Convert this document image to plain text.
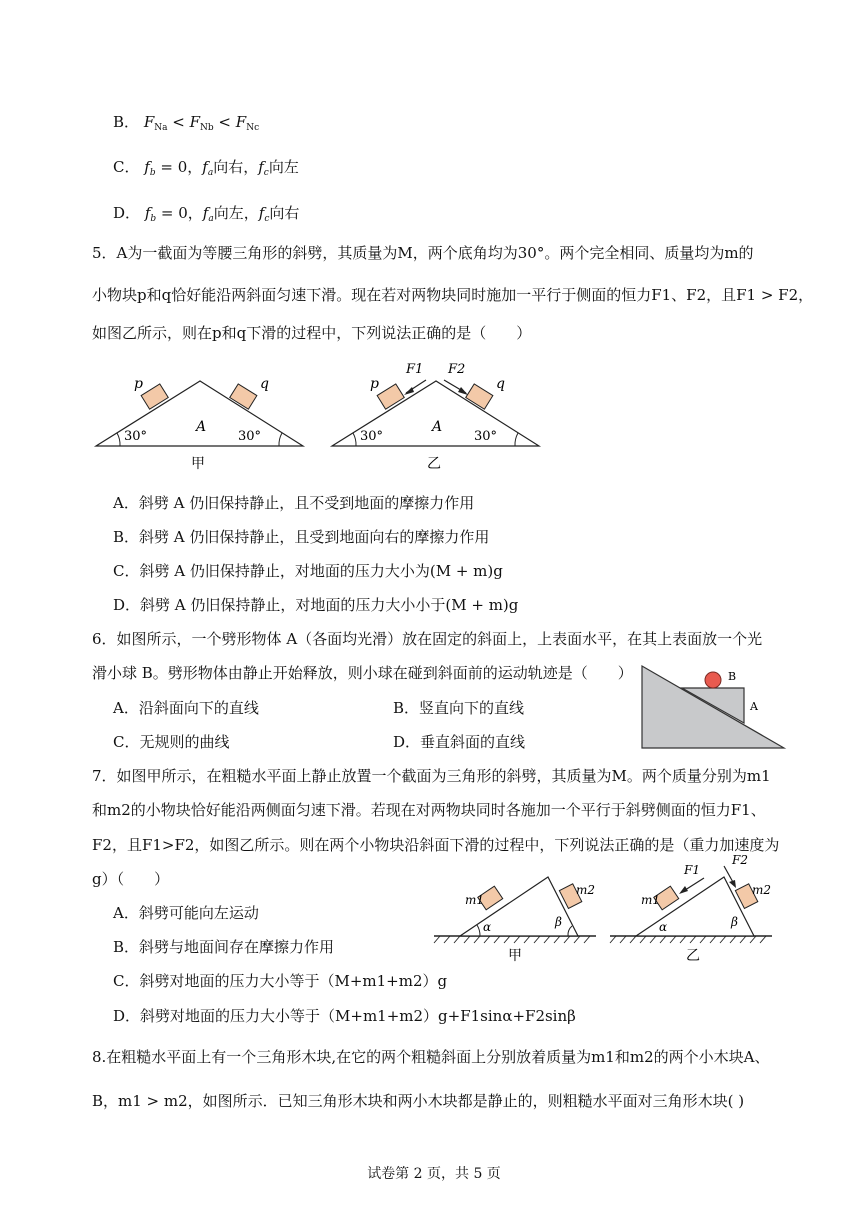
B． $F_{Na} < F_{Nb} < F_{Nc}$
C． $f_b = 0$，$f_a$向右，$f_c$向左
D． $f_b = 0$，$f_a$向左，$f_c$向右
5．A为一截面为等腰三角形的斜劈，其质量为M，两个底角均为30°。两个完全相同、质量均为m的
小物块p和q恰好能沿两斜面匀速下滑。现在若对两物块同时施加一平行于侧面的恒力F1、F2，且F1 > F2，
如图乙所示，则在p和q下滑的过程中，下列说法正确的是（　　）
p	q
A
30°	30°
甲
F1 F2
p	q
A
30°	30°
乙
A．斜劈 A 仍旧保持静止，且不受到地面的摩擦力作用
B．斜劈 A 仍旧保持静止，且受到地面向右的摩擦力作用
C．斜劈 A 仍旧保持静止，对地面的压力大小为(M + m)g
D．斜劈 A 仍旧保持静止，对地面的压力大小小于(M + m)g
6．如图所示，一个劈形物体 A（各面均光滑）放在固定的斜面上，上表面水平，在其上表面放一个光
滑小球 B。劈形物体由静止开始释放，则小球在碰到斜面前的运动轨迹是（　　）
A．沿斜面向下的直线	B．竖直向下的直线
C．无规则的曲线	D．垂直斜面的直线
B
A
7．如图甲所示，在粗糙水平面上静止放置一个截面为三角形的斜劈，其质量为M。两个质量分别为m1
和m2的小物块恰好能沿两侧面匀速下滑。若现在对两物块同时各施加一个平行于斜劈侧面的恒力F1、
F2，且F1>F2，如图乙所示。则在两个小物块沿斜面下滑的过程中，下列说法正确的是（重力加速度为
g）（　　）
A．斜劈可能向左运动
B．斜劈与地面间存在摩擦力作用
C．斜劈对地面的压力大小等于（M+m1+m2）g
D．斜劈对地面的压力大小等于（M+m1+m2）g+F1sinα+F2sinβ
m1
m2
α	β
甲
F1
F2
m1
m2
α	β
乙
8.在粗糙水平面上有一个三角形木块,在它的两个粗糙斜面上分别放着质量为m1和m2的两个小木块A、
B，m1 > m2，如图所示．已知三角形木块和两小木块都是静止的，则粗糙水平面对三角形木块( )
试卷第 2 页，共 5 页
